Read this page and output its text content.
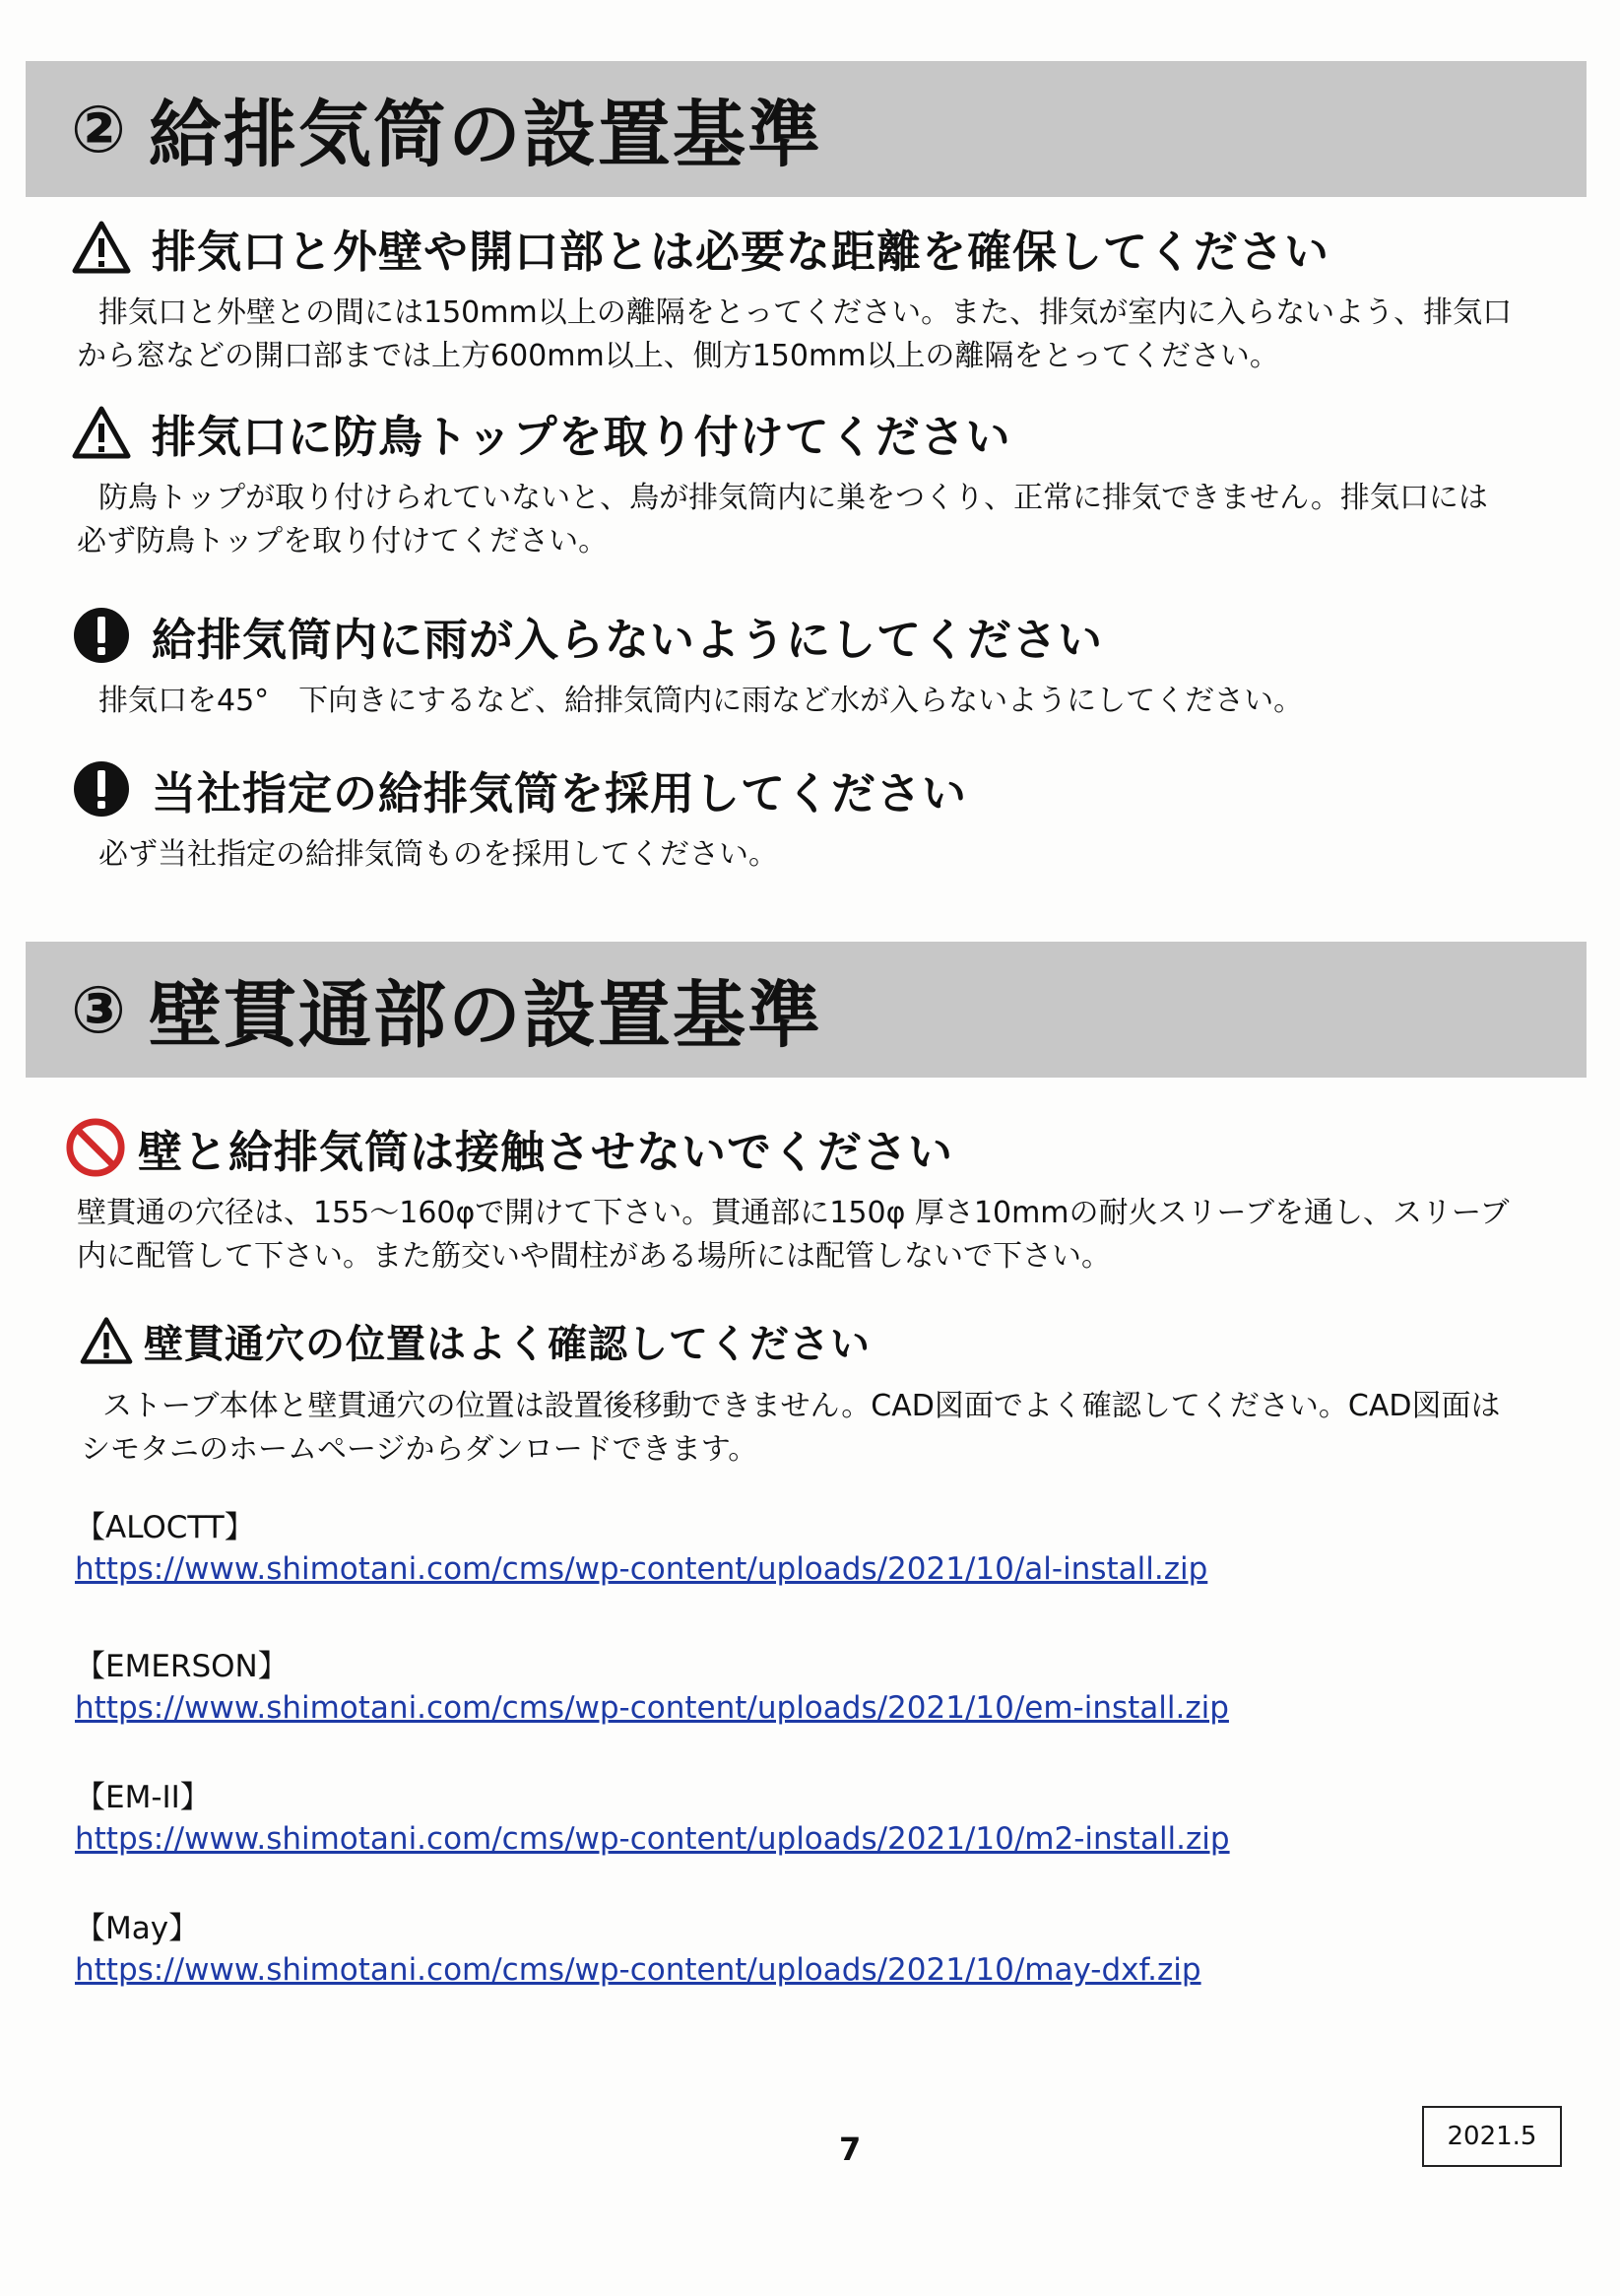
② 給排気筒の設置基準
排気口と外壁や開口部とは必要な距離を確保してください
排気口と外壁との間には150mm以上の離隔をとってください。また、排気が室内に入らないよう、排気口
から窓などの開口部までは上方600mm以上、側方150mm以上の離隔をとってください。
排気口に防鳥トップを取り付けてください
防鳥トップが取り付けられていないと、鳥が排気筒内に巣をつくり、正常に排気できません。排気口には
必ず防鳥トップを取り付けてください。
給排気筒内に雨が入らないようにしてください
排気口を45°　下向きにするなど、給排気筒内に雨など水が入らないようにしてください。
当社指定の給排気筒を採用してください
必ず当社指定の給排気筒ものを採用してください。
③ 壁貫通部の設置基準
壁と給排気筒は接触させないでください
壁貫通の穴径は、155～160φで開けて下さい。貫通部に150φ 厚さ10mmの耐火スリーブを通し、スリーブ
内に配管して下さい。また筋交いや間柱がある場所には配管しないで下さい。
壁貫通穴の位置はよく確認してください
ストーブ本体と壁貫通穴の位置は設置後移動できません。CAD図面でよく確認してください。CAD図面は
シモタニのホームページからダンロードできます。
【ALOCTT】
https://www.shimotani.com/cms/wp-content/uploads/2021/10/al-install.zip
【EMERSON】
https://www.shimotani.com/cms/wp-content/uploads/2021/10/em-install.zip
【EM-II】
https://www.shimotani.com/cms/wp-content/uploads/2021/10/m2-install.zip
【May】
https://www.shimotani.com/cms/wp-content/uploads/2021/10/may-dxf.zip
7	2021.5
